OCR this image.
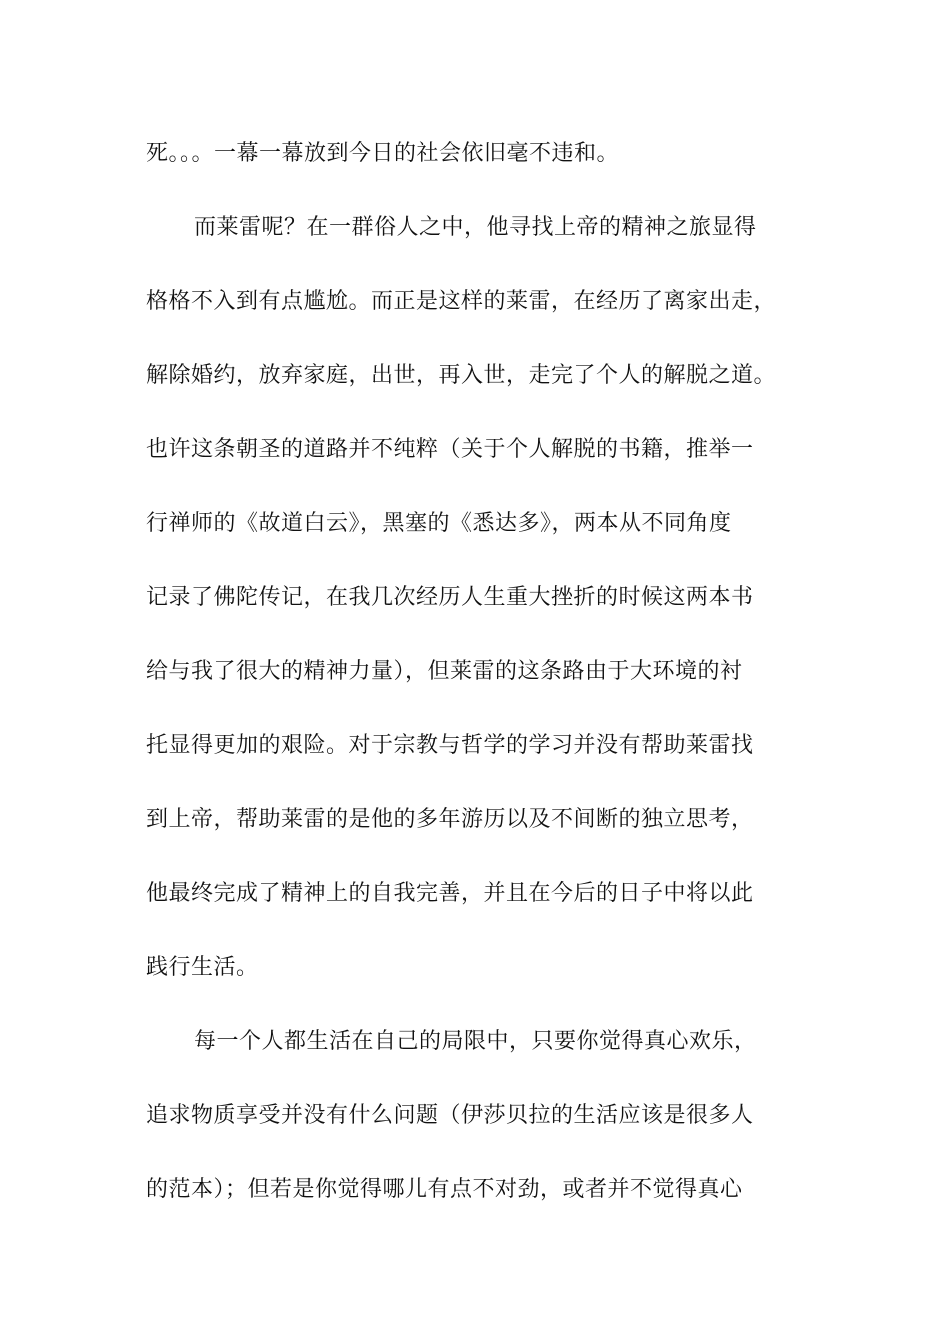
死。。。一幕一幕放到今日的社会依旧毫不违和。
而莱雷呢？在一群俗人之中，他寻找上帝的精神之旅显得
格格不入到有点尴尬。而正是这样的莱雷，在经历了离家出走，
解除婚约，放弃家庭，出世，再入世，走完了个人的解脱之道。
也许这条朝圣的道路并不纯粹（关于个人解脱的书籍，推举一
行禅师的《故道白云》，黑塞的《悉达多》，两本从不同角度
记录了佛陀传记，在我几次经历人生重大挫折的时候这两本书
给与我了很大的精神力量），但莱雷的这条路由于大环境的衬
托显得更加的艰险。对于宗教与哲学的学习并没有帮助莱雷找
到上帝，帮助莱雷的是他的多年游历以及不间断的独立思考，
他最终完成了精神上的自我完善，并且在今后的日子中将以此
践行生活。
每一个人都生活在自己的局限中，只要你觉得真心欢乐，
追求物质享受并没有什么问题（伊莎贝拉的生活应该是很多人
的范本）；但若是你觉得哪儿有点不对劲，或者并不觉得真心
